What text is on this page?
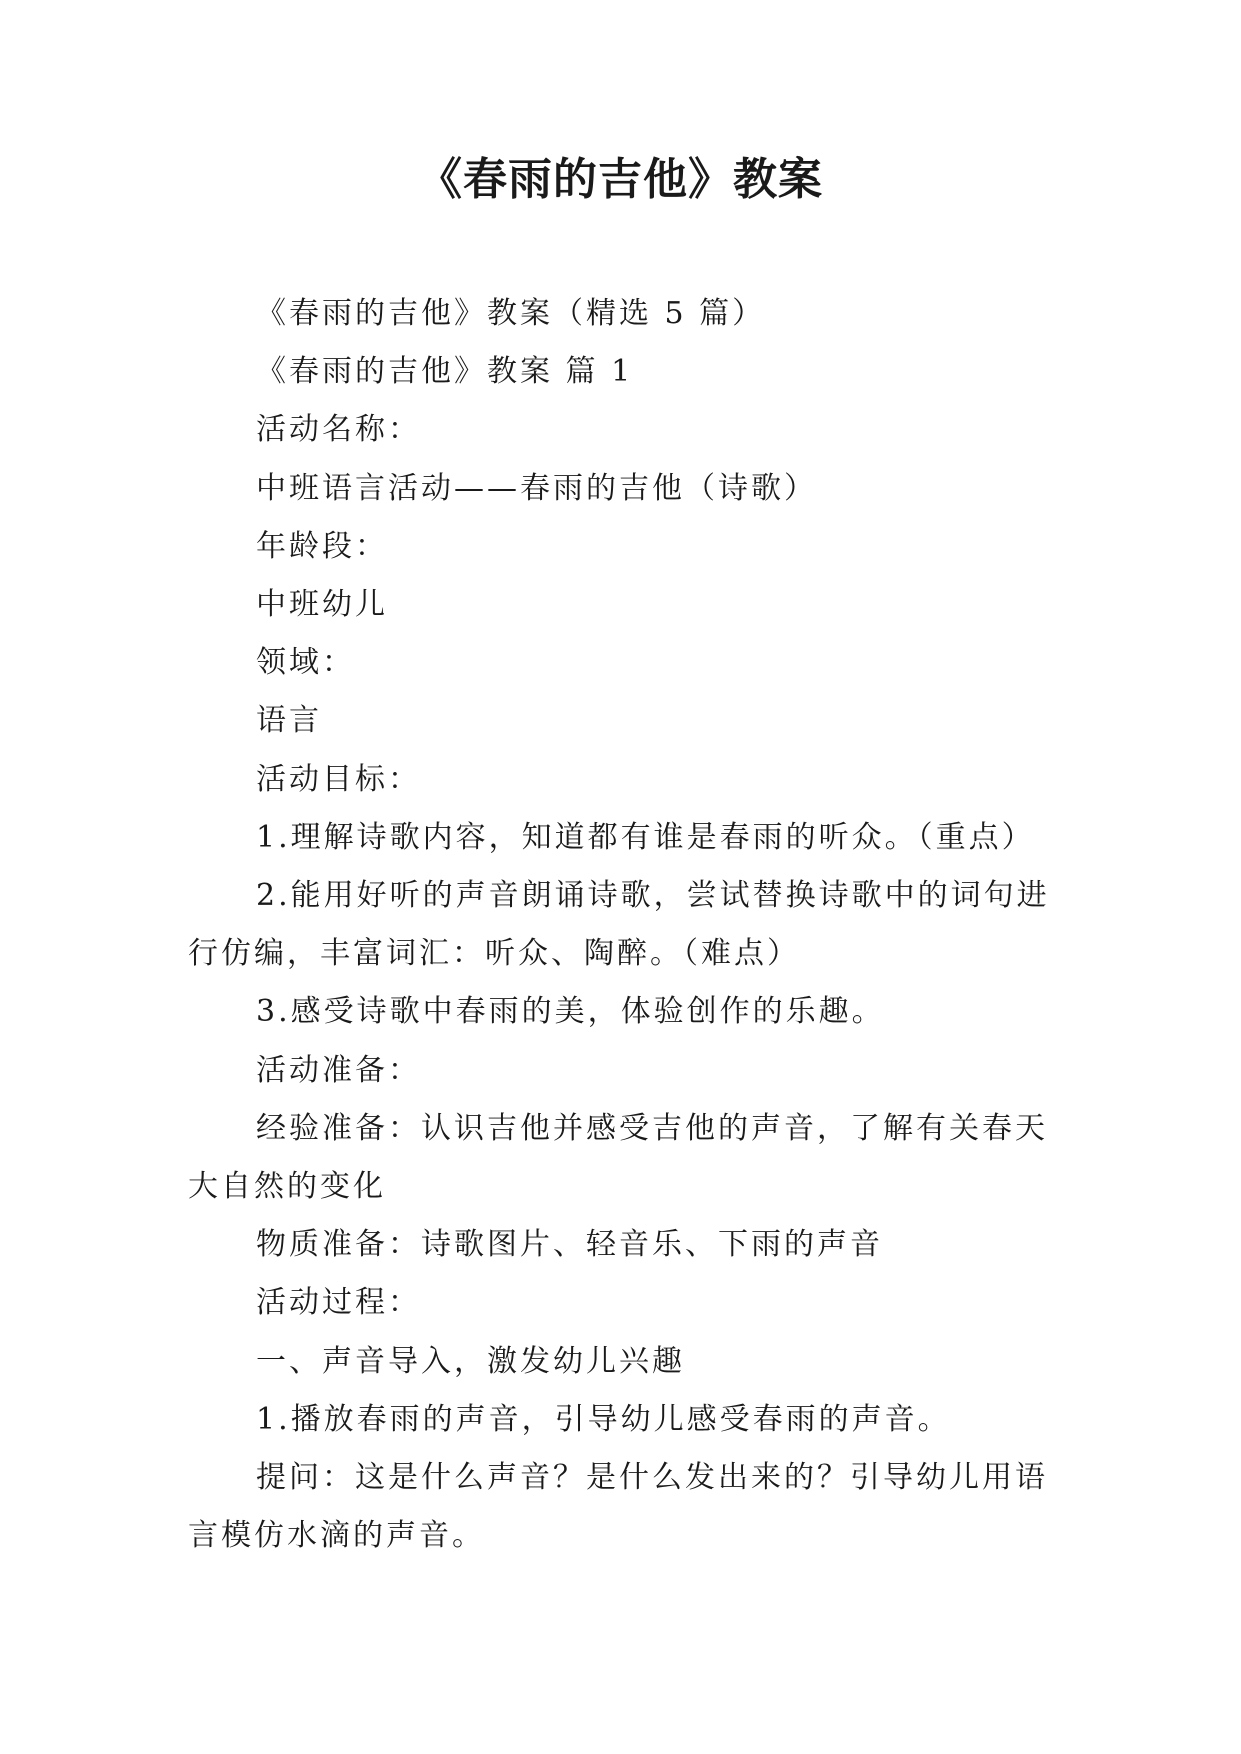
《春雨的吉他》教案

《春雨的吉他》教案（精选 5 篇）

《春雨的吉他》教案 篇 1

活动名称：

中班语言活动——春雨的吉他（诗歌）

年龄段：

中班幼儿

领域：

语言

活动目标：

1.理解诗歌内容，知道都有谁是春雨的听众。（重点）

2.能用好听的声音朗诵诗歌，尝试替换诗歌中的词句进行仿编，丰富词汇：听众、陶醉。（难点）

3.感受诗歌中春雨的美，体验创作的乐趣。

活动准备：

经验准备：认识吉他并感受吉他的声音，了解有关春天大自然的变化

物质准备：诗歌图片、轻音乐、下雨的声音

活动过程：

一、声音导入，激发幼儿兴趣

1.播放春雨的声音，引导幼儿感受春雨的声音。

提问：这是什么声音？是什么发出来的？引导幼儿用语言模仿水滴的声音。
